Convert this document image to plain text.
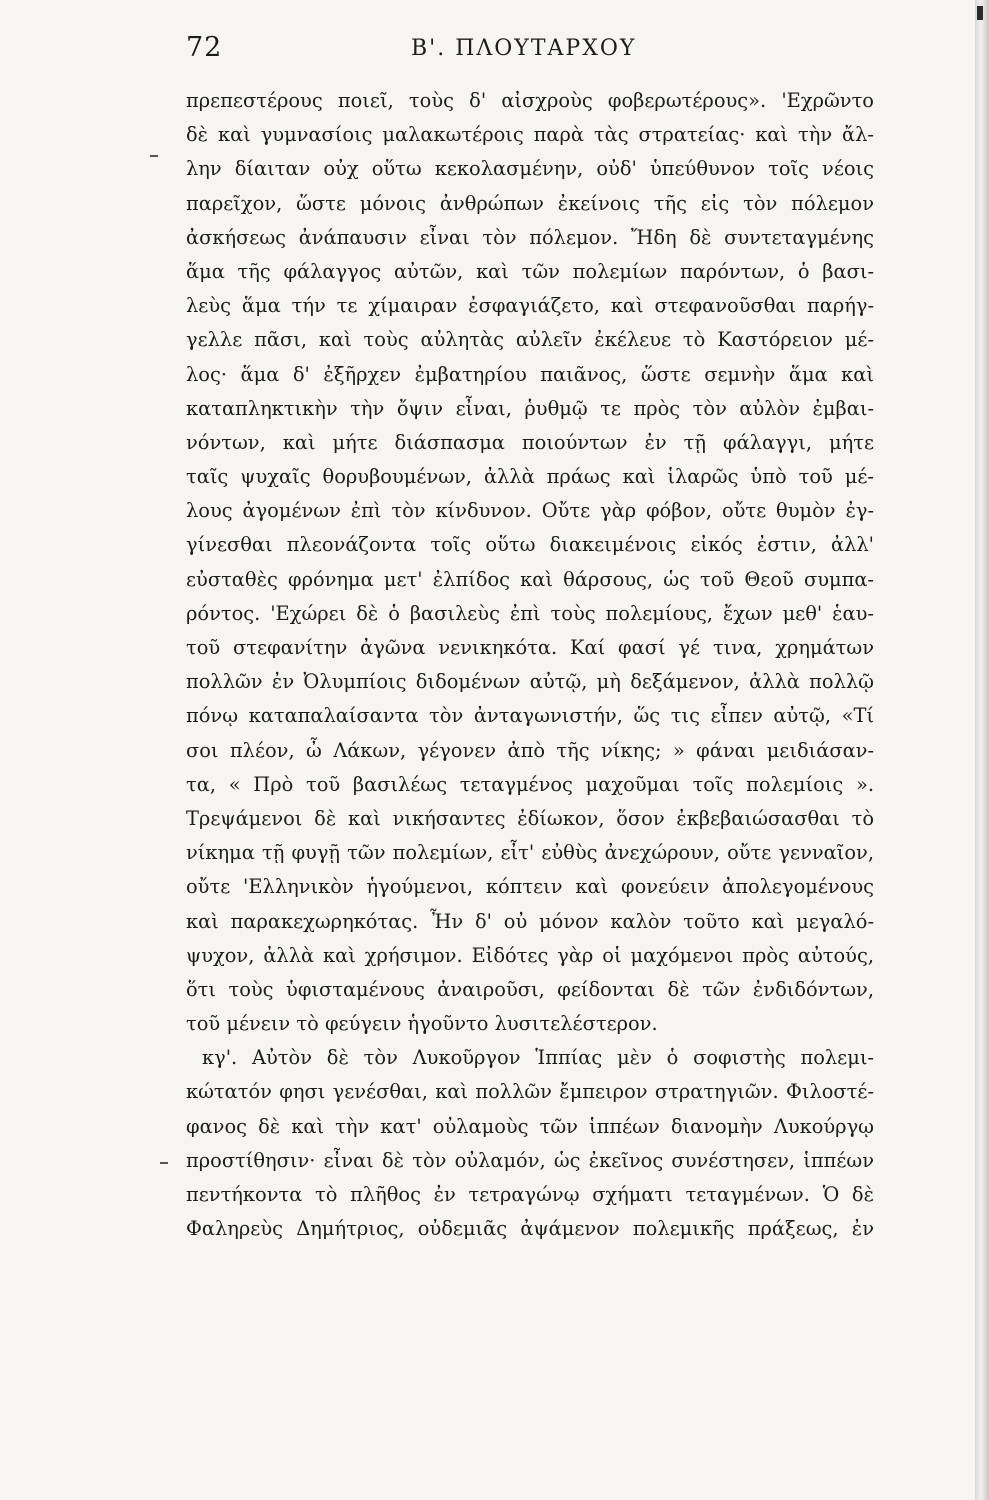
72	Β'. ΠΛΟΥΤΑΡΧΟΥ
πρεπεστέρους ποιεῖ, τοὺς δ' αἰσχροὺς φοβερωτέρους». 'Εχρῶντο
δὲ καὶ γυμνασίοις μαλακωτέροις παρὰ τὰς στρατείας· καὶ τὴν ἄλ-
λην δίαιταν οὐχ οὕτω κεκολασμένην, οὐδ' ὑπεύθυνον τοῖς νέοις
παρεῖχον, ὥστε μόνοις ἀνθρώπων ἐκείνοις τῆς εἰς τὸν πόλεμον
ἀσκήσεως ἀνάπαυσιν εἶναι τὸν πόλεμον. Ἤδη δὲ συντεταγμένης
ἅμα τῆς φάλαγγος αὐτῶν, καὶ τῶν πολεμίων παρόντων, ὁ βασι-
λεὺς ἅμα τήν τε χίμαιραν ἐσφαγιάζετο, καὶ στεφανοῦσθαι παρήγ-
γελλε πᾶσι, καὶ τοὺς αὐλητὰς αὐλεῖν ἐκέλευε τὸ Καστόρειον μέ-
λος· ἅμα δ' ἐξῆρχεν ἐμβατηρίου παιᾶνος, ὥστε σεμνὴν ἅμα καὶ
καταπληκτικὴν τὴν ὄψιν εἶναι, ῥυθμῷ τε πρὸς τὸν αὐλὸν ἐμβαι-
νόντων, καὶ μήτε διάσπασμα ποιούντων ἐν τῇ φάλαγγι, μήτε
ταῖς ψυχαῖς θορυβουμένων, ἀλλὰ πράως καὶ ἱλαρῶς ὑπὸ τοῦ μέ-
λους ἀγομένων ἐπὶ τὸν κίνδυνον. Οὔτε γὰρ φόβον, οὔτε θυμὸν ἐγ-
γίνεσθαι πλεονάζοντα τοῖς οὕτω διακειμένοις εἰκός ἐστιν, ἀλλ'
εὐσταθὲς φρόνημα μετ' ἐλπίδος καὶ θάρσους, ὡς τοῦ Θεοῦ συμπα-
ρόντος. 'Εχώρει δὲ ὁ βασιλεὺς ἐπὶ τοὺς πολεμίους, ἔχων μεθ' ἑαυ-
τοῦ στεφανίτην ἀγῶνα νενικηκότα. Καί φασί γέ τινα, χρημάτων
πολλῶν ἐν Ὀλυμπίοις διδομένων αὐτῷ, μὴ δεξάμενον, ἀλλὰ πολλῷ
πόνῳ καταπαλαίσαντα τὸν ἀνταγωνιστήν, ὥς τις εἶπεν αὐτῷ, «Τί
σοι πλέον, ὦ Λάκων, γέγονεν ἀπὸ τῆς νίκης; » φάναι μειδιάσαν-
τα, « Πρὸ τοῦ βασιλέως τεταγμένος μαχοῦμαι τοῖς πολεμίοις ».
Τρεψάμενοι δὲ καὶ νικήσαντες ἐδίωκον, ὅσον ἐκβεβαιώσασθαι τὸ
νίκημα τῇ φυγῇ τῶν πολεμίων, εἶτ' εὐθὺς ἀνεχώρουν, οὔτε γενναῖον,
οὔτε 'Ελληνικὸν ἡγούμενοι, κόπτειν καὶ φονεύειν ἀπολεγομένους
καὶ παρακεχωρηκότας. Ἦν δ' οὐ μόνον καλὸν τοῦτο καὶ μεγαλό-
ψυχον, ἀλλὰ καὶ χρήσιμον. Εἰδότες γὰρ οἱ μαχόμενοι πρὸς αὐτούς,
ὅτι τοὺς ὑφισταμένους ἀναιροῦσι, φείδονται δὲ τῶν ἐνδιδόντων,
τοῦ μένειν τὸ φεύγειν ἡγοῦντο λυσιτελέστερον.
κγ'. Αὐτὸν δὲ τὸν Λυκοῦργον Ἱππίας μὲν ὁ σοφιστὴς πολεμι-
κώτατόν φησι γενέσθαι, καὶ πολλῶν ἔμπειρον στρατηγιῶν. Φιλοστέ-
φανος δὲ καὶ τὴν κατ' οὐλαμοὺς τῶν ἱππέων διανομὴν Λυκούργῳ
προστίθησιν· εἶναι δὲ τὸν οὐλαμόν, ὡς ἐκεῖνος συνέστησεν, ἱππέων
πεντήκοντα τὸ πλῆθος ἐν τετραγώνῳ σχήματι τεταγμένων. Ὁ δὲ
Φαληρεὺς Δημήτριος, οὐδεμιᾶς ἀψάμενον πολεμικῆς πράξεως, ἐν
